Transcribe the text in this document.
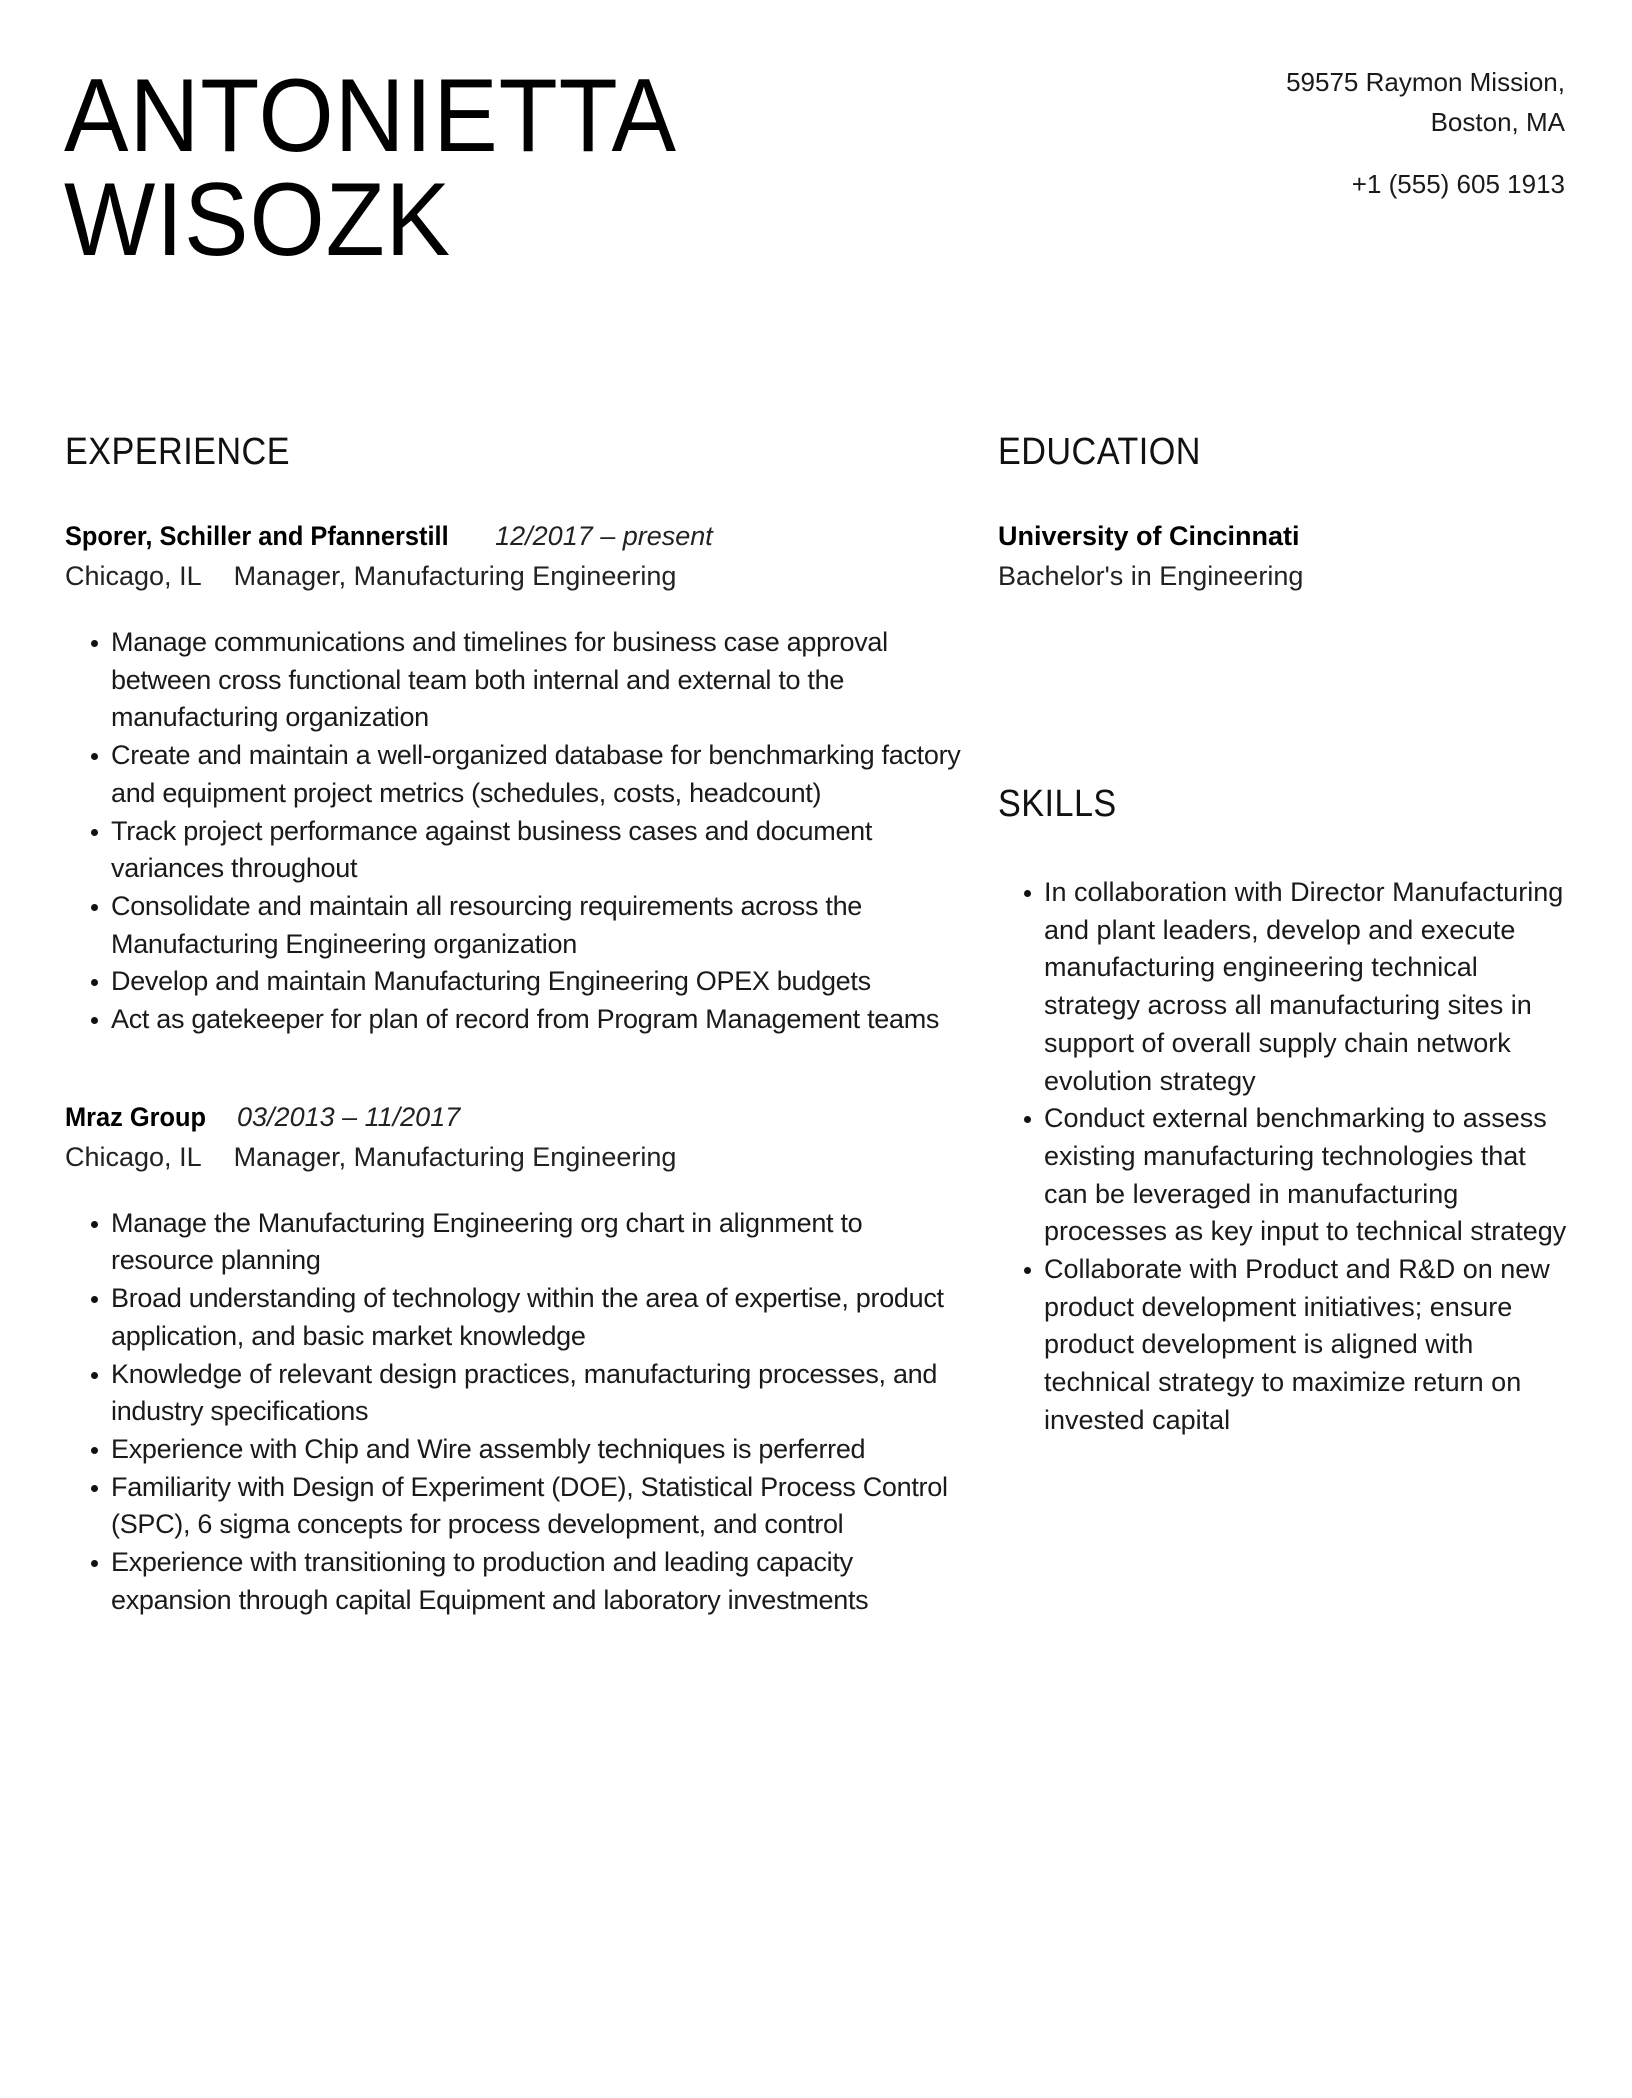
ANTONIETTA
WISOZK
59575 Raymon Mission,
Boston, MA
+1 (555) 605 1913
EXPERIENCE
Sporer, Schiller and Pfannerstill 12/2017 – present
Chicago, IL Manager, Manufacturing Engineering
Manage communications and timelines for business case approval between cross functional team both internal and external to the manufacturing organization
Create and maintain a well-organized database for benchmarking factory and equipment project metrics (schedules, costs, headcount)
Track project performance against business cases and document variances throughout
Consolidate and maintain all resourcing requirements across the Manufacturing Engineering organization
Develop and maintain Manufacturing Engineering OPEX budgets
Act as gatekeeper for plan of record from Program Management teams
Mraz Group 03/2013 – 11/2017
Chicago, IL Manager, Manufacturing Engineering
Manage the Manufacturing Engineering org chart in alignment to resource planning
Broad understanding of technology within the area of expertise, product application, and basic market knowledge
Knowledge of relevant design practices, manufacturing processes, and industry specifications
Experience with Chip and Wire assembly techniques is perferred
Familiarity with Design of Experiment (DOE), Statistical Process Control (SPC), 6 sigma concepts for process development, and control
Experience with transitioning to production and leading capacity expansion through capital Equipment and laboratory investments
EDUCATION
University of Cincinnati
Bachelor's in Engineering
SKILLS
In collaboration with Director Manufacturing and plant leaders, develop and execute manufacturing engineering technical strategy across all manufacturing sites in support of overall supply chain network evolution strategy
Conduct external benchmarking to assess existing manufacturing technologies that can be leveraged in manufacturing processes as key input to technical strategy
Collaborate with Product and R&D on new product development initiatives; ensure product development is aligned with technical strategy to maximize return on invested capital
